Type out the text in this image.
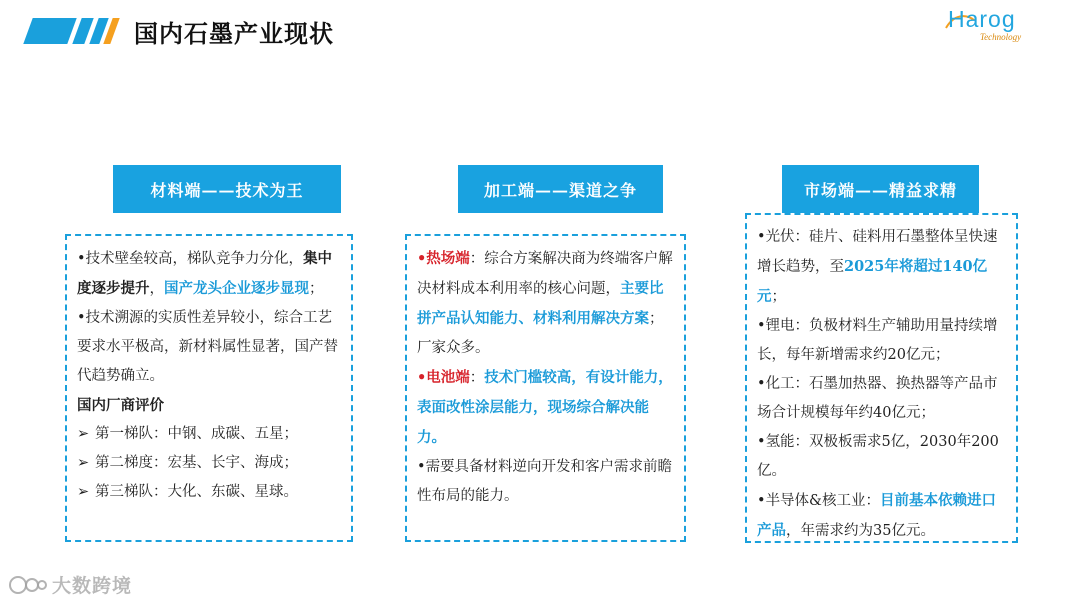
国内石墨产业现状
Harog
Technology
材料端——技术为王	加工端——渠道之争	市场端——精益求精
•技术壁垒较高，梯队竞争力分化，集中度逐步提升，国产龙头企业逐步显现；
•技术溯源的实质性差异较小，综合工艺要求水平极高，新材料属性显著，国产替代趋势确立。
国内厂商评价
➢ 第一梯队：中钢、成碳、五星；
➢ 第二梯度：宏基、长宇、海成；
➢ 第三梯队：大化、东碳、星球。
•热场端：综合方案解决商为终端客户解决材料成本利用率的核心问题，主要比拼产品认知能力、材料利用解决方案；厂家众多。
•电池端：技术门槛较高，有设计能力，表面改性涂层能力，现场综合解决能力。
•需要具备材料逆向开发和客户需求前瞻性布局的能力。
•光伏：硅片、硅料用石墨整体呈快速增长趋势，至2025年将超过140亿元；
•锂电：负极材料生产辅助用量持续增长，每年新增需求约20亿元；
•化工：石墨加热器、换热器等产品市场合计规模每年约40亿元；
•氢能：双极板需求5亿，2030年200亿。
•半导体&核工业：目前基本依赖进口产品，年需求约为35亿元。
大数跨境
